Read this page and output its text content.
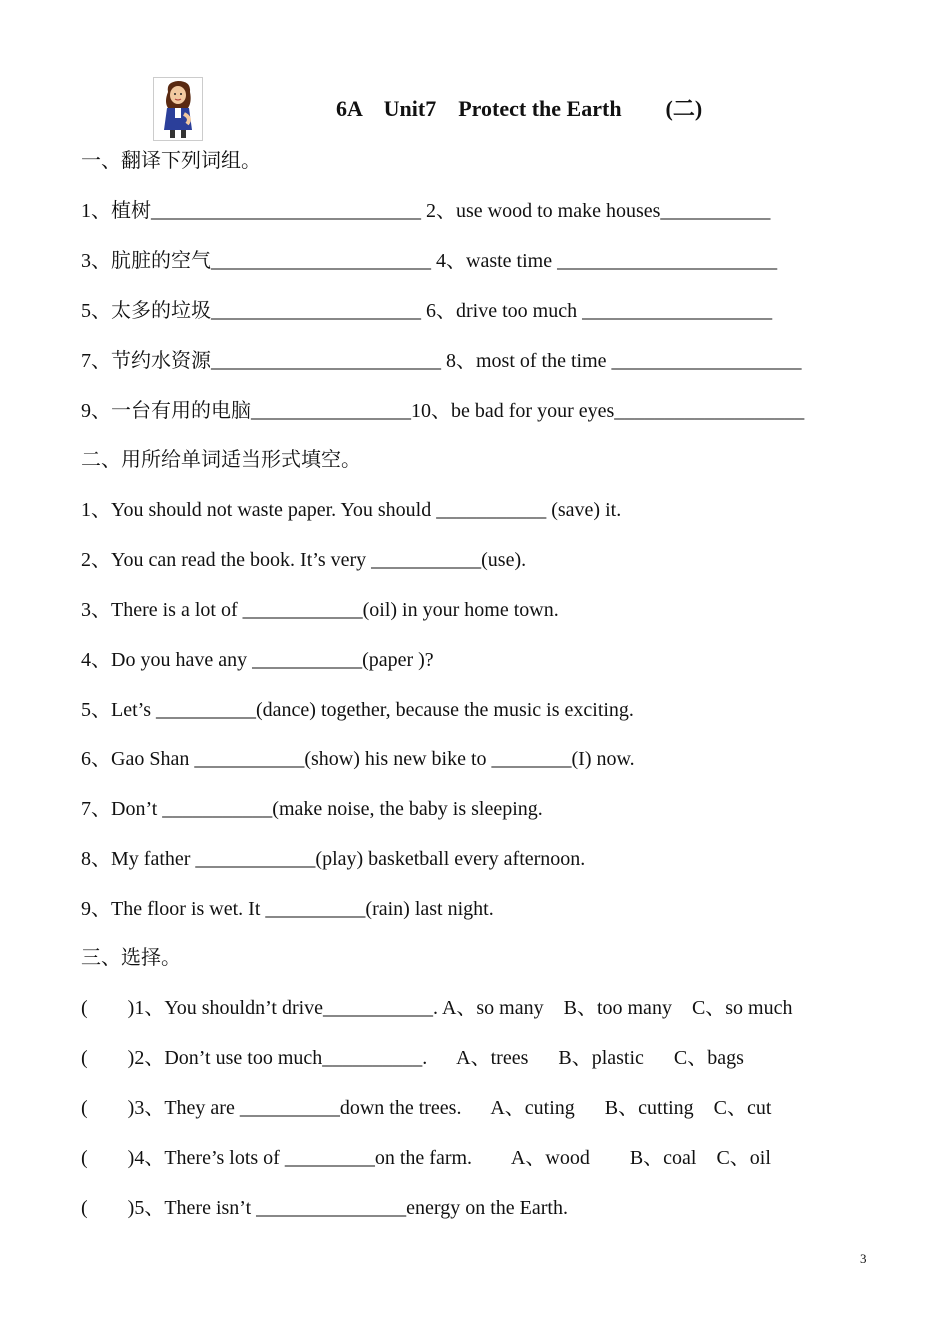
6A    Unit7    Protect the Earth        (二)
一、翻译下列词组。
1、植树___________________________ 2、use wood to make houses___________
3、肮脏的空气______________________ 4、waste time ______________________
5、太多的垃圾_____________________ 6、drive too much ___________________
7、节约水资源_______________________ 8、most of the time ___________________
9、一台有用的电脑________________10、be bad for your eyes___________________
二、用所给单词适当形式填空。
1、You should not waste paper. You should ___________ (save) it.
2、You can read the book. It’s very ___________(use).
3、There is a lot of ____________(oil) in your home town.
4、Do you have any ___________(paper )?
5、Let’s __________(dance) together, because the music is exciting.
6、Gao Shan ___________(show) his new bike to ________(I) now.
7、Don’t ___________(make noise, the baby is sleeping.
8、My father ____________(play) basketball every afternoon.
9、The floor is wet. It __________(rain) last night.
三、选择。
(        )1、You shouldn’t drive___________. A、so many    B、too many    C、so much
(        )2、Don’t use too much__________.      A、trees      B、plastic      C、bags
(        )3、They are __________down the trees.      A、cuting      B、cutting    C、cut
(        )4、There’s lots of _________on the farm.        A、wood        B、coal    C、oil
(        )5、There isn’t _______________energy on the Earth.
3
